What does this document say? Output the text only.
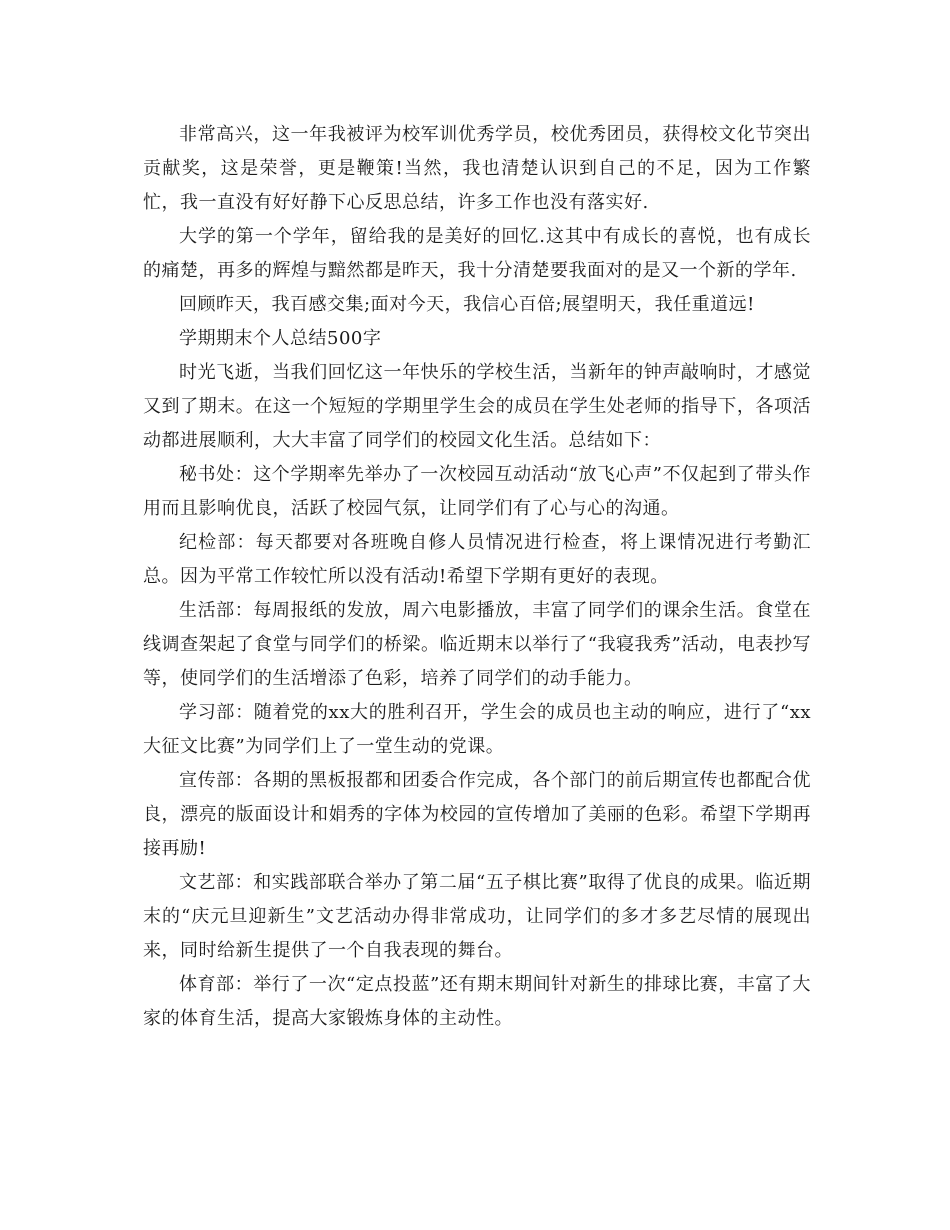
非常高兴，这一年我被评为校军训优秀学员，校优秀团员，获得校文化节突出贡献奖，这是荣誉，更是鞭策!当然，我也清楚认识到自己的不足，因为工作繁忙，我一直没有好好静下心反思总结，许多工作也没有落实好.

大学的第一个学年，留给我的是美好的回忆.这其中有成长的喜悦，也有成长的痛楚，再多的辉煌与黯然都是昨天，我十分清楚要我面对的是又一个新的学年.

回顾昨天，我百感交集;面对今天，我信心百倍;展望明天，我任重道远!

学期期末个人总结500字

时光飞逝，当我们回忆这一年快乐的学校生活，当新年的钟声敲响时，才感觉又到了期末。在这一个短短的学期里学生会的成员在学生处老师的指导下，各项活动都进展顺利，大大丰富了同学们的校园文化生活。总结如下：

秘书处：这个学期率先举办了一次校园互动活动“放飞心声”不仅起到了带头作用而且影响优良，活跃了校园气氛，让同学们有了心与心的沟通。

纪检部：每天都要对各班晚自修人员情况进行检查，将上课情况进行考勤汇总。因为平常工作较忙所以没有活动!希望下学期有更好的表现。

生活部：每周报纸的发放，周六电影播放，丰富了同学们的课余生活。食堂在线调查架起了食堂与同学们的桥梁。临近期末以举行了“我寝我秀”活动，电表抄写等，使同学们的生活增添了色彩，培养了同学们的动手能力。

学习部：随着党的xx大的胜利召开，学生会的成员也主动的响应，进行了“xx大征文比赛”为同学们上了一堂生动的党课。

宣传部：各期的黑板报都和团委合作完成，各个部门的前后期宣传也都配合优良，漂亮的版面设计和娟秀的字体为校园的宣传增加了美丽的色彩。希望下学期再接再励!

文艺部：和实践部联合举办了第二届“五子棋比赛”取得了优良的成果。临近期末的“庆元旦迎新生”文艺活动办得非常成功，让同学们的多才多艺尽情的展现出来，同时给新生提供了一个自我表现的舞台。

体育部：举行了一次“定点投蓝”还有期末期间针对新生的排球比赛，丰富了大家的体育生活，提高大家锻炼身体的主动性。
